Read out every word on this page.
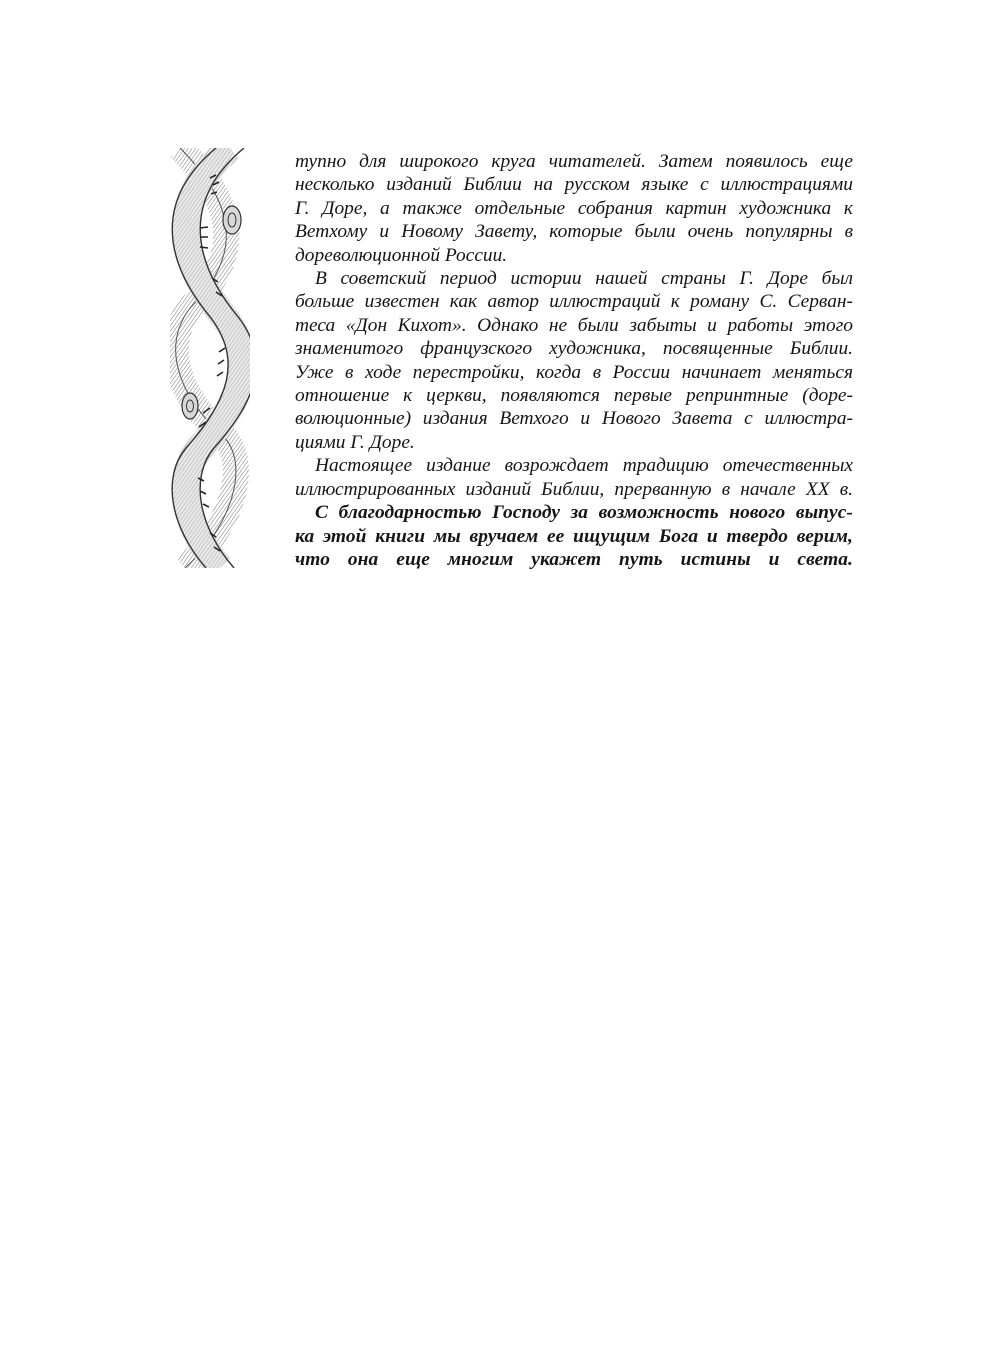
тупно для широкого круга читателей. Затем появилось еще
несколько изданий Библии на русском языке с иллюстрациями
Г. Доре, а также отдельные собрания картин художника к
Ветхому и Новому Завету, которые были очень популярны в
дореволюционной России.

В советский период истории нашей страны Г. Доре был
больше известен как автор иллюстраций к роману С. Серван-
теса «Дон Кихот». Однако не были забыты и работы этого
знаменитого французского художника, посвященные Библии.
Уже в ходе перестройки, когда в России начинает меняться
отношение к церкви, появляются первые репринтные (доре-
волюционные) издания Ветхого и Нового Завета с иллюстра-
циями Г. Доре.

Настоящее издание возрождает традицию отечественных
иллюстрированных изданий Библии, прерванную в начале XX в.

С благодарностью Господу за возможность нового выпус-
ка этой книги мы вручаем ее ищущим Бога и твердо верим,
что она еще многим укажет путь истины и света.
